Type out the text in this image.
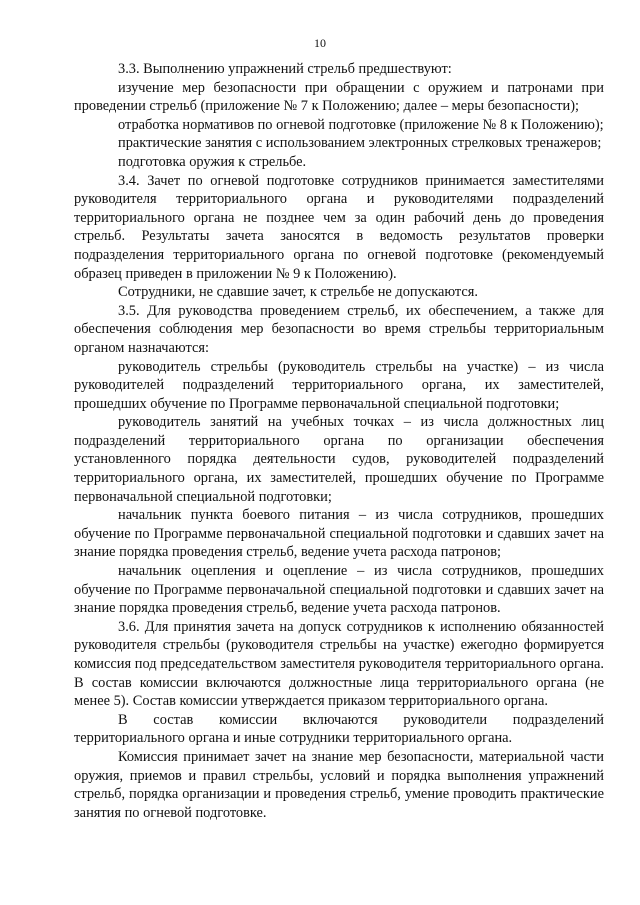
10

3.3. Выполнению упражнений стрельб предшествуют:

изучение мер безопасности при обращении с оружием и патронами при проведении стрельб (приложение № 7 к Положению; далее – меры безопасности);

отработка нормативов по огневой подготовке (приложение № 8 к Положению);

практические занятия с использованием электронных стрелковых тренажеров;

подготовка оружия к стрельбе.

3.4. Зачет по огневой подготовке сотрудников принимается заместителями руководителя территориального органа и руководителями подразделений территориального органа не позднее чем за один рабочий день до проведения стрельб. Результаты зачета заносятся в ведомость результатов проверки подразделения территориального органа по огневой подготовке (рекомендуемый образец приведен в приложении № 9 к Положению).

Сотрудники, не сдавшие зачет, к стрельбе не допускаются.

3.5. Для руководства проведением стрельб, их обеспечением, а также для обеспечения соблюдения мер безопасности во время стрельбы территориальным органом назначаются:

руководитель стрельбы (руководитель стрельбы на участке) – из числа руководителей подразделений территориального органа, их заместителей, прошедших обучение по Программе первоначальной специальной подготовки;

руководитель занятий на учебных точках – из числа должностных лиц подразделений территориального органа по организации обеспечения установленного порядка деятельности судов, руководителей подразделений территориального органа, их заместителей, прошедших обучение по Программе первоначальной специальной подготовки;

начальник пункта боевого питания – из числа сотрудников, прошедших обучение по Программе первоначальной специальной подготовки и сдавших зачет на знание порядка проведения стрельб, ведение учета расхода патронов;

начальник оцепления и оцепление – из числа сотрудников, прошедших обучение по Программе первоначальной специальной подготовки и сдавших зачет на знание порядка проведения стрельб, ведение учета расхода патронов.

3.6. Для принятия зачета на допуск сотрудников к исполнению обязанностей руководителя стрельбы (руководителя стрельбы на участке) ежегодно формируется комиссия под председательством заместителя руководителя территориального органа. В состав комиссии включаются должностные лица территориального органа (не менее 5). Состав комиссии утверждается приказом территориального органа.

В состав комиссии включаются руководители подразделений территориального органа и иные сотрудники территориального органа.

Комиссия принимает зачет на знание мер безопасности, материальной части оружия, приемов и правил стрельбы, условий и порядка выполнения упражнений стрельб, порядка организации и проведения стрельб, умение проводить практические занятия по огневой подготовке.
